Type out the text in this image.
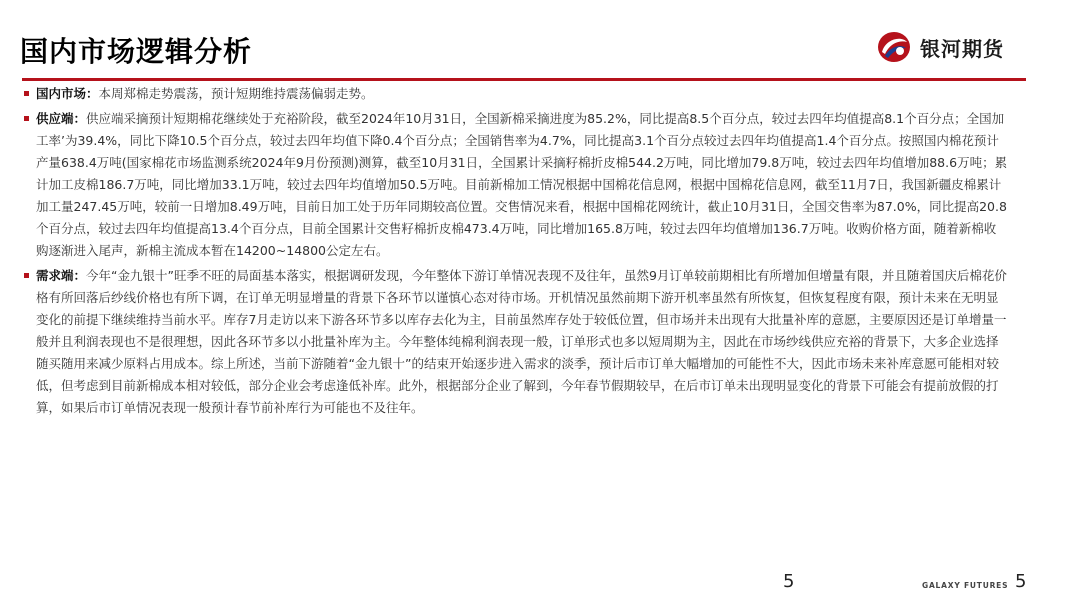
国内市场逻辑分析	银河期货

国内市场：本周郑棉走势震荡，预计短期维持震荡偏弱走势。

供应端：供应端采摘预计短期棉花继续处于充裕阶段，截至2024年10月31日，全国新棉采摘进度为85.2%，同比提高8.5个百分点，较过去四年均值提高8.1个百分点；全国加工率’为39.4%，同比下降10.5个百分点，较过去四年均值下降0.4个百分点；全国销售率为4.7%，同比提高3.1个百分点较过去四年均值提高1.4个百分点。按照国内棉花预计产量638.4万吨(国家棉花市场监测系统2024年9月份预测)测算，截至10月31日，全国累计采摘籽棉折皮棉544.2万吨，同比增加79.8万吨，较过去四年均值增加88.6万吨；累计加工皮棉186.7万吨，同比增加33.1万吨，较过去四年均值增加50.5万吨。目前新棉加工情况根据中国棉花信息网，根据中国棉花信息网，截至11月7日，我国新疆皮棉累计加工量247.45万吨，较前一日增加8.49万吨，目前日加工处于历年同期较高位置。交售情况来看，根据中国棉花网统计，截止10月31日，全国交售率为87.0%，同比提高20.8个百分点，较过去四年均值提高13.4个百分点，目前全国累计交售籽棉折皮棉473.4万吨，同比增加165.8万吨，较过去四年均值增加136.7万吨。收购价格方面，随着新棉收购逐渐进入尾声，新棉主流成本暂在14200~14800公定左右。

需求端：今年“金九银十”旺季不旺的局面基本落实，根据调研发现，今年整体下游订单情况表现不及往年，虽然9月订单较前期相比有所增加但增量有限，并且随着国庆后棉花价格有所回落后纱线价格也有所下调，在订单无明显增量的背景下各环节以谨慎心态对待市场。开机情况虽然前期下游开机率虽然有所恢复，但恢复程度有限，预计未来在无明显变化的前提下继续维持当前水平。库存7月走访以来下游各环节多以库存去化为主，目前虽然库存处于较低位置，但市场并未出现有大批量补库的意愿，主要原因还是订单增量一般并且利润表现也不是很理想，因此各环节多以小批量补库为主。今年整体纯棉利润表现一般，订单形式也多以短周期为主，因此在市场纱线供应充裕的背景下，大多企业选择随买随用来减少原料占用成本。综上所述，当前下游随着“金九银十”的结束开始逐步进入需求的淡季，预计后市订单大幅增加的可能性不大，因此市场未来补库意愿可能相对较低，但考虑到目前新棉成本相对较低，部分企业会考虑逢低补库。此外，根据部分企业了解到，今年春节假期较早，在后市订单未出现明显变化的背景下可能会有提前放假的打算，如果后市订单情况表现一般预计春节前补库行为可能也不及往年。

5	GALAXY FUTURES 5
